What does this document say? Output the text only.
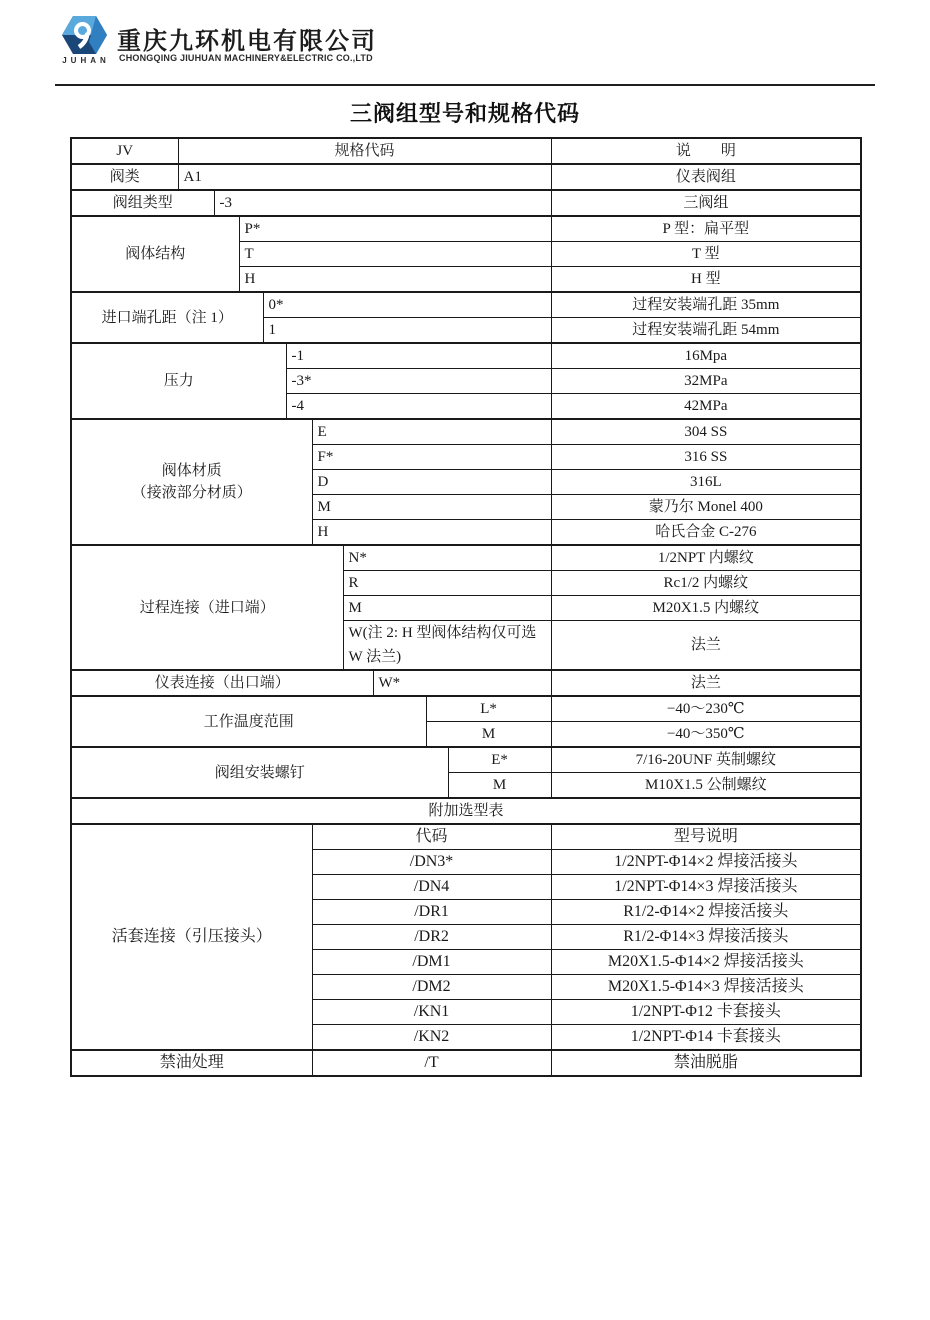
JUHAN
重庆九环机电有限公司
CHONGQING JIUHUAN MACHINERY&ELECTRIC CO.,LTD
三阀组型号和规格代码
JV	规格代码										说　　明
阀类	A1										仪表阀组
阀组类型		-3									三阀组
阀体结构			P*								P 型：扁平型
			T								T 型
			H								H 型
进口端孔距（注 1）				0*							过程安装端孔距 35mm
				1							过程安装端孔距 54mm
压力					-1						16Mpa
					-3*						32MPa
					-4						42MPa

阀体材质
（接液部分材质）						E					304 SS
						F*					316 SS
						D					316L
						M					蒙乃尔 Monel 400
						H					哈氏合金 C-276
过程连接（进口端）							N*				1/2NPT 内螺纹
							R				Rc1/2 内螺纹
							M				M20X1.5 内螺纹
							W(注 2: H 型阀体结构仅可选 W 法兰)				法兰
仪表连接（出口端）								W*			法兰
工作温度范围									L*		−40～230℃
									M		−40～350℃
阀组安装螺钉										E*	7/16-20UNF 英制螺纹
										M	M10X1.5 公制螺纹
附加选型表											
活套连接（引压接头）						代码					型号说明
						/DN3*					1/2NPT-Φ14×2 焊接活接头
						/DN4					1/2NPT-Φ14×3 焊接活接头
						/DR1					R1/2-Φ14×2 焊接活接头
						/DR2					R1/2-Φ14×3 焊接活接头
						/DM1					M20X1.5-Φ14×2 焊接活接头
						/DM2					M20X1.5-Φ14×3 焊接活接头
						/KN1					1/2NPT-Φ12 卡套接头
						/KN2					1/2NPT-Φ14 卡套接头
禁油处理						/T					禁油脱脂
